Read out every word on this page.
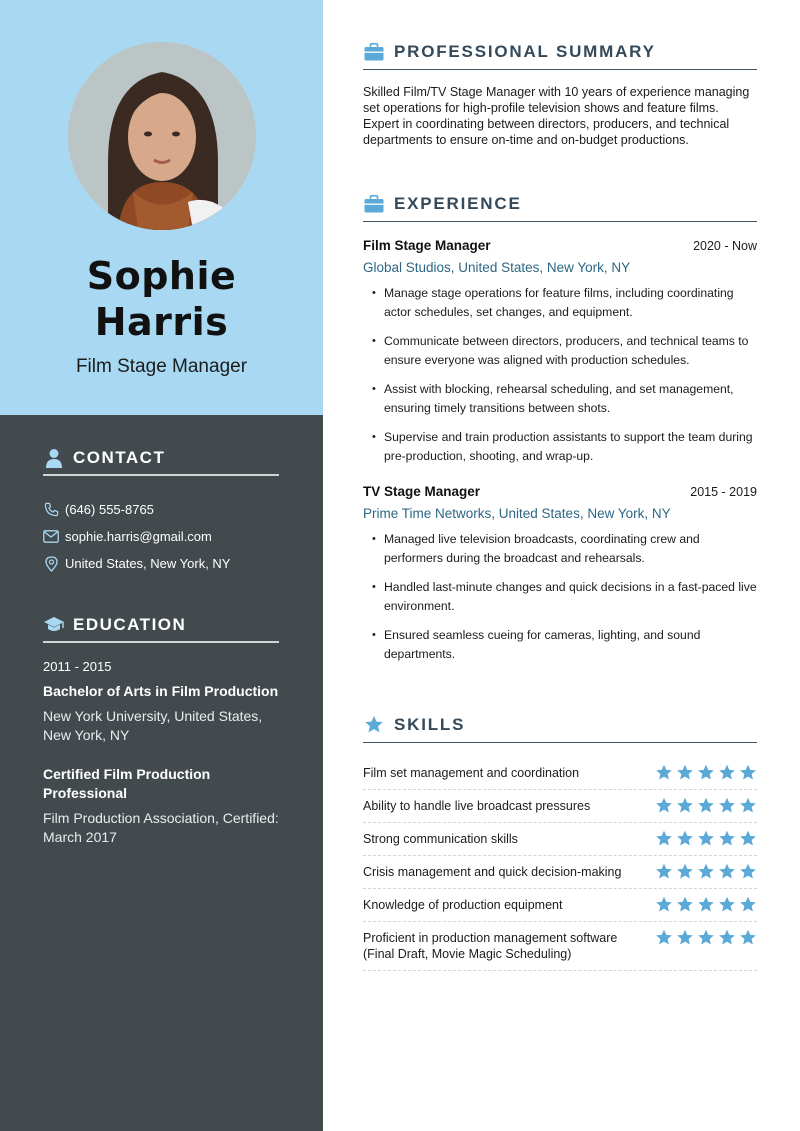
Sophie
Harris
Film Stage Manager
CONTACT
(646) 555-8765
sophie.harris@gmail.com
United States, New York, NY
EDUCATION
2011 - 2015
Bachelor of Arts in Film Production
New York University, United States, New York, NY
Certified Film Production Professional
Film Production Association, Certified: March 2017
PROFESSIONAL SUMMARY
Skilled Film/TV Stage Manager with 10 years of experience managing set operations for high-profile television shows and feature films. Expert in coordinating between directors, producers, and technical departments to ensure on-time and on-budget productions.
EXPERIENCE
Film Stage Manager	2020 - Now
Global Studios, United States, New York, NY
• Manage stage operations for feature films, including coordinating actor schedules, set changes, and equipment.
• Communicate between directors, producers, and technical teams to ensure everyone was aligned with production schedules.
• Assist with blocking, rehearsal scheduling, and set management, ensuring timely transitions between shots.
• Supervise and train production assistants to support the team during pre-production, shooting, and wrap-up.
TV Stage Manager	2015 - 2019
Prime Time Networks, United States, New York, NY
• Managed live television broadcasts, coordinating crew and performers during the broadcast and rehearsals.
• Handled last-minute changes and quick decisions in a fast-paced live environment.
• Ensured seamless cueing for cameras, lighting, and sound departments.
SKILLS
Film set management and coordination
Ability to handle live broadcast pressures
Strong communication skills
Crisis management and quick decision-making
Knowledge of production equipment
Proficient in production management software (Final Draft, Movie Magic Scheduling)
